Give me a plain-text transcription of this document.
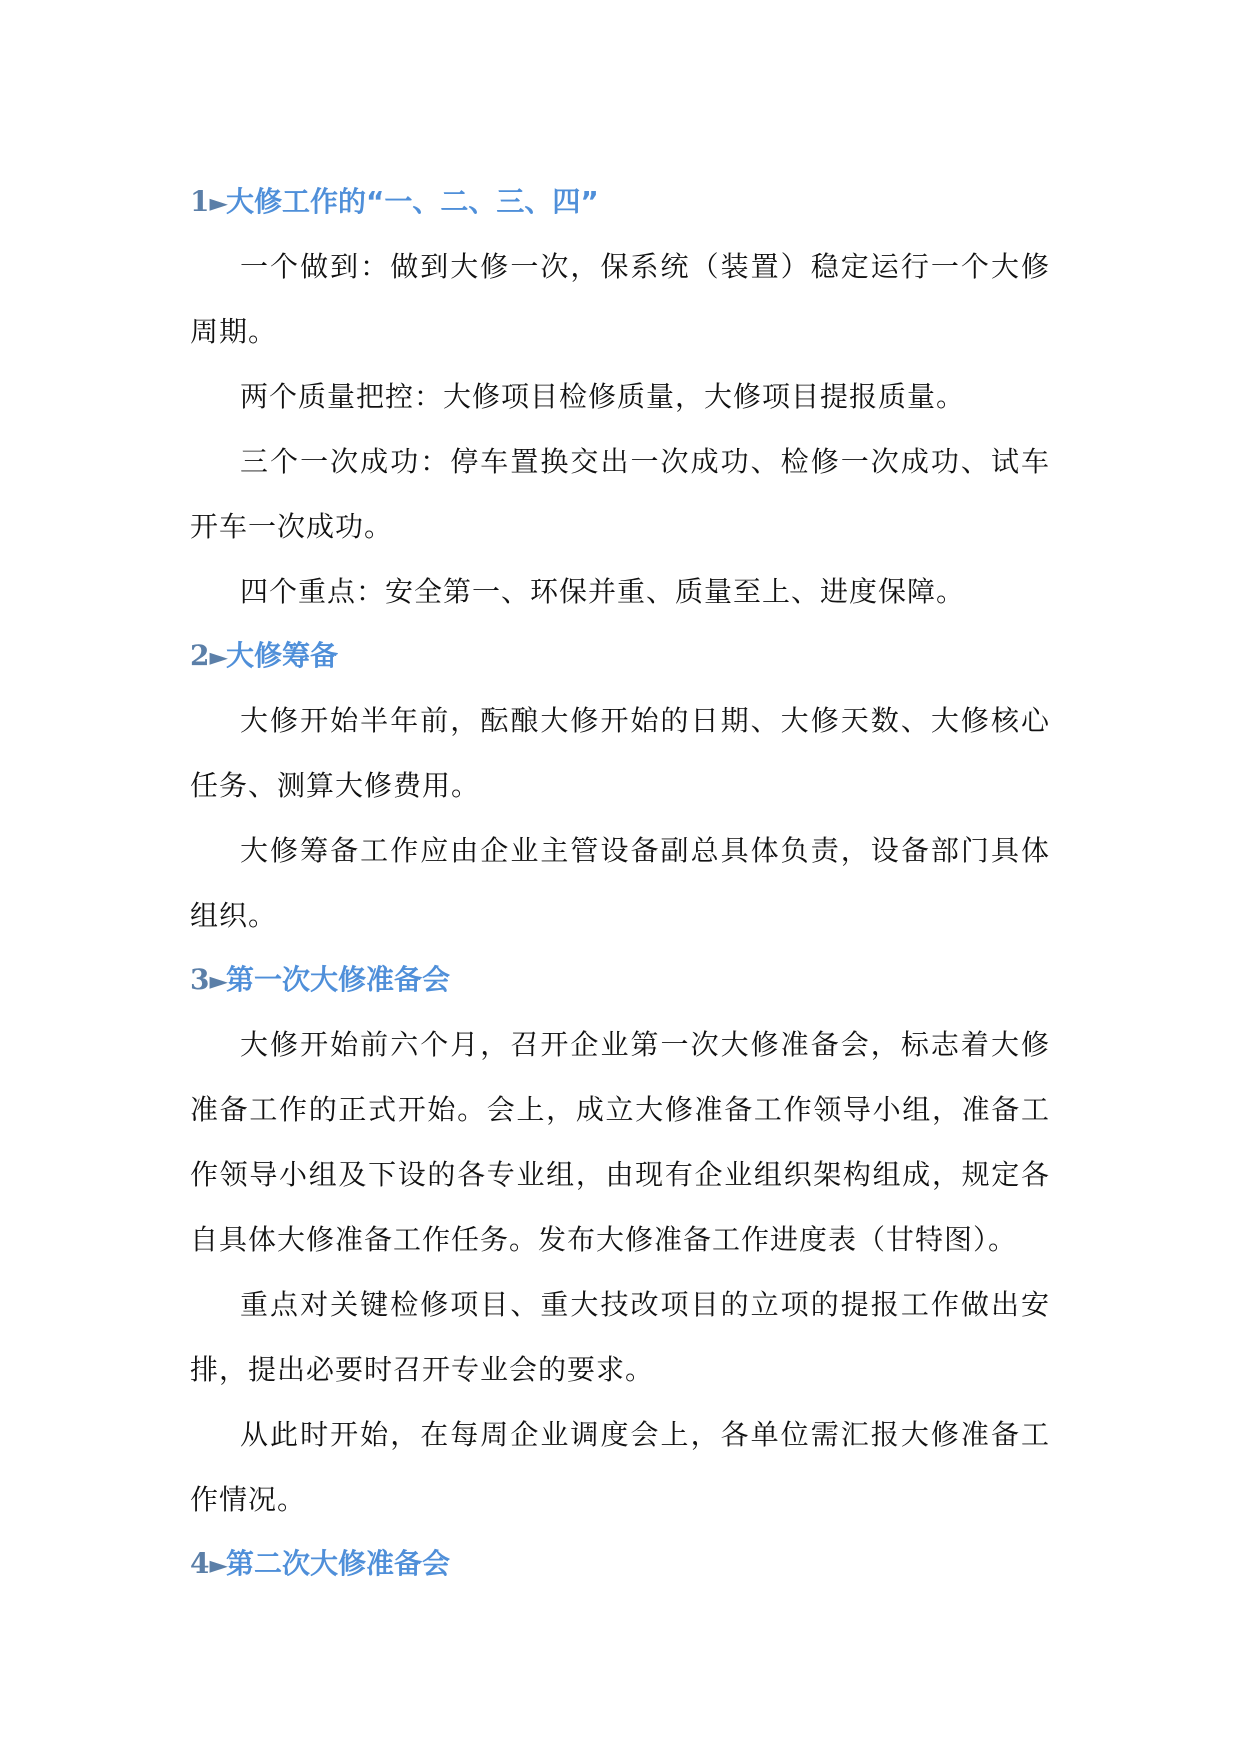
1►大修工作的“一、二、三、四”

一个做到：做到大修一次，保系统（装置）稳定运行一个大修周期。

两个质量把控：大修项目检修质量，大修项目提报质量。

三个一次成功：停车置换交出一次成功、检修一次成功、试车开车一次成功。

四个重点：安全第一、环保并重、质量至上、进度保障。

2►大修筹备

大修开始半年前，酝酿大修开始的日期、大修天数、大修核心任务、测算大修费用。

大修筹备工作应由企业主管设备副总具体负责，设备部门具体组织。

3►第一次大修准备会

大修开始前六个月，召开企业第一次大修准备会，标志着大修准备工作的正式开始。会上，成立大修准备工作领导小组，准备工作领导小组及下设的各专业组，由现有企业组织架构组成，规定各自具体大修准备工作任务。发布大修准备工作进度表（甘特图）。

重点对关键检修项目、重大技改项目的立项的提报工作做出安排，提出必要时召开专业会的要求。

从此时开始，在每周企业调度会上，各单位需汇报大修准备工作情况。

4►第二次大修准备会
